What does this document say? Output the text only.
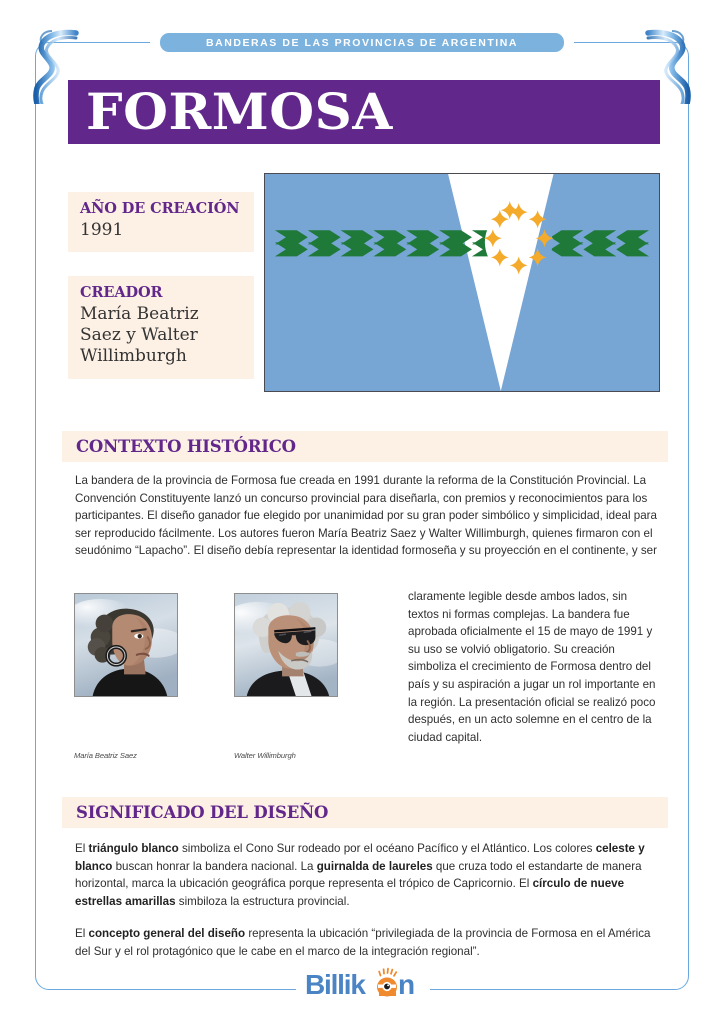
BANDERAS DE LAS PROVINCIAS DE ARGENTINA
FORMOSA

AÑO DE CREACIÓN

1991

CREADOR

María Beatriz Saez y Walter Willimburgh

CONTEXTO HISTÓRICO
La bandera de la provincia de Formosa fue creada en 1991 durante la reforma de la Constitución Provincial. La Convención Constituyente lanzó un concurso provincial para diseñarla, con premios y reconocimientos para los participantes. El diseño ganador fue elegido por unanimidad por su gran poder simbólico y simplicidad, ideal para ser reproducido fácilmente. Los autores fueron María Beatriz Saez y Walter Willimburgh, quienes firmaron con el seudónimo “Lapacho”. El diseño debía representar la identidad formoseña y su proyección en el continente, y ser
claramente legible desde ambos lados, sin textos ni formas complejas. La bandera fue aprobada oficialmente el 15 de mayo de 1991 y su uso se volvió obligatorio. Su creación simboliza el crecimiento de Formosa dentro del país y su aspiración a jugar un rol importante en la región. La presentación oficial se realizó poco después, en un acto solemne en el centro de la ciudad capital.
María Beatriz Saez	Walter Willimburgh
SIGNIFICADO DEL DISEÑO
El triángulo blanco simboliza el Cono Sur rodeado por el océano Pacífico y el Atlántico. Los colores celeste y blanco buscan honrar la bandera nacional. La guirnalda de laureles que cruza todo el estandarte de manera horizontal, marca la ubicación geográfica porque representa el trópico de Capricornio. El círculo de nueve estrellas amarillas simbiloza la estructura provincial.
El concepto general del diseño representa la ubicación “privilegiada de la provincia de Formosa en el América del Sur y el rol protagónico que le cabe en el marco de la integración regional”.
Billik n
